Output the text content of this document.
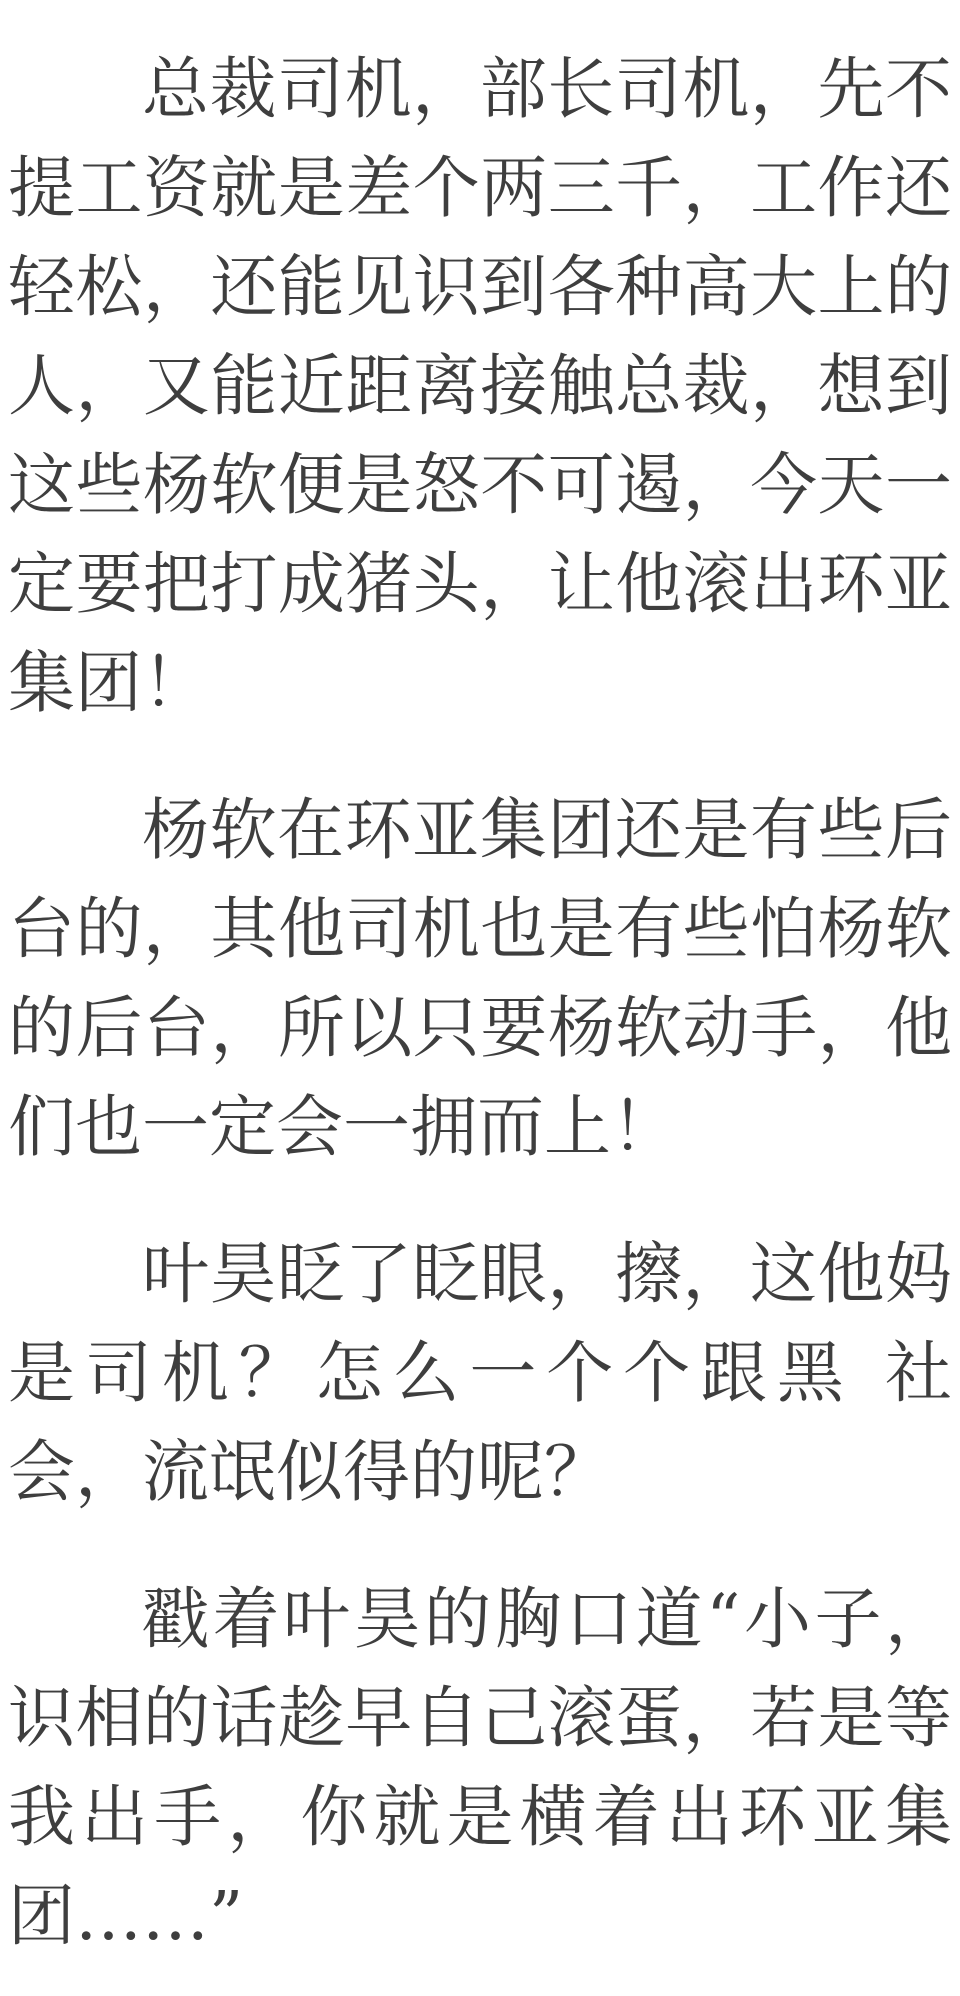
总裁司机，部长司机，先不提工资就是差个两三千，工作还轻松，还能见识到各种高大上的人，又能近距离接触总裁，想到这些杨软便是怒不可遏，今天一定要把打成猪头，让他滚出环亚集团！

杨软在环亚集团还是有些后台的，其他司机也是有些怕杨软的后台，所以只要杨软动手，他们也一定会一拥而上！

叶昊眨了眨眼，擦，这他妈是司机？怎么一个个跟黑 社会，流氓似得的呢？

戳着叶昊的胸口道“小子，识相的话趁早自己滚蛋，若是等我出手，你就是横着出环亚集团……”
